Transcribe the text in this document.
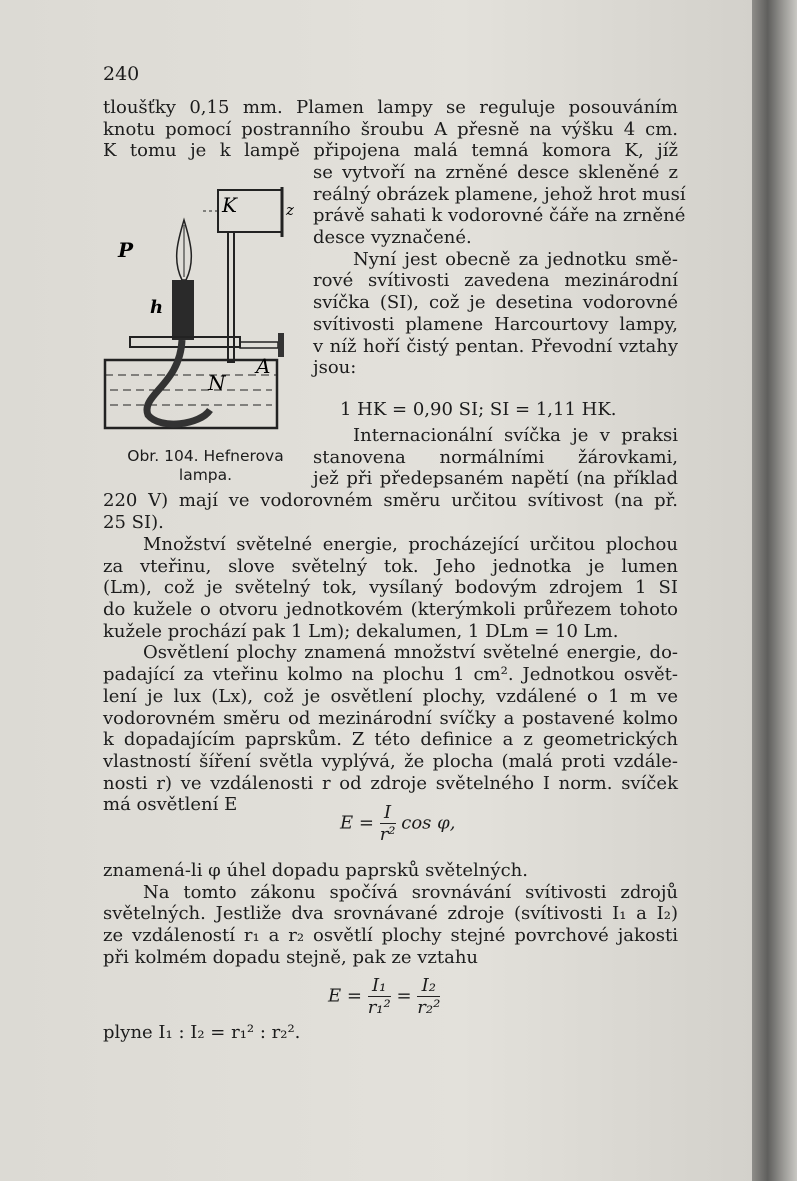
240
tloušťky 0,15 mm. Plamen lampy se reguluje posouváním
knotu pomocí postranního šroubu A přesně na výšku 4 cm.
K tomu je k lampě připojena malá temná komora K, jíž
K	z
P
h
N
A
Obr. 104. Hefnerova
lampa.
se vytvoří na zrněné desce skleněné z
reálný obrázek plamene, jehož hrot musí
právě sahati k vodorovné čáře na zrněné
desce vyznačené.
Nyní jest obecně za jednotku smě-
rové svítivosti zavedena mezinárodní
svíčka (SI), což je desetina vodorovné
svítivosti plamene Harcourtovy lampy,
v níž hoří čistý pentan. Převodní vztahy
jsou:
1 HK = 0,90 SI; SI = 1,11 HK.
Internacionální svíčka je v praksi
stanovena normálními žárovkami,
jež při předepsaném napětí (na příklad
220 V) mají ve vodorovném směru určitou svítivost (na př.
25 SI).
Množství světelné energie, procházející určitou plochou
za vteřinu, slove světelný tok. Jeho jednotka je lumen
(Lm), což je světelný tok, vysílaný bodovým zdrojem 1 SI
do kužele o otvoru jednotkovém (kterýmkoli průřezem tohoto
kužele prochází pak 1 Lm); dekalumen, 1 DLm = 10 Lm.
Osvětlení plochy znamená množství světelné energie, do-
padající za vteřinu kolmo na plochu 1 cm². Jednotkou osvět-
lení je lux (Lx), což je osvětlení plochy, vzdálené o 1 m ve
vodorovném směru od mezinárodní svíčky a postavené kolmo
k dopadajícím paprskům. Z této definice a z geometrických
vlastností šíření světla vyplývá, že plocha (malá proti vzdále-
nosti r) ve vzdálenosti r od zdroje světelného I norm. svíček
má osvětlení E
$E = \frac{I}{\text{r²}}$ cos φ,
znamená-li φ úhel dopadu paprsků světelných.
Na tomto zákonu spočívá srovnávání svítivosti zdrojů
světelných. Jestliže dva srovnávané zdroje (svítivosti I₁ a I₂)
ze vzdáleností r₁ a r₂ osvětlí plochy stejné povrchové jakosti
při kolmém dopadu stejně, pak ze vztahu
$E = \frac{\text{I₁}}{\text{r₁²}} = \frac{\text{I₂}}{\text{r₂²}}$
plyne I₁ : I₂ = r₁² : r₂².
